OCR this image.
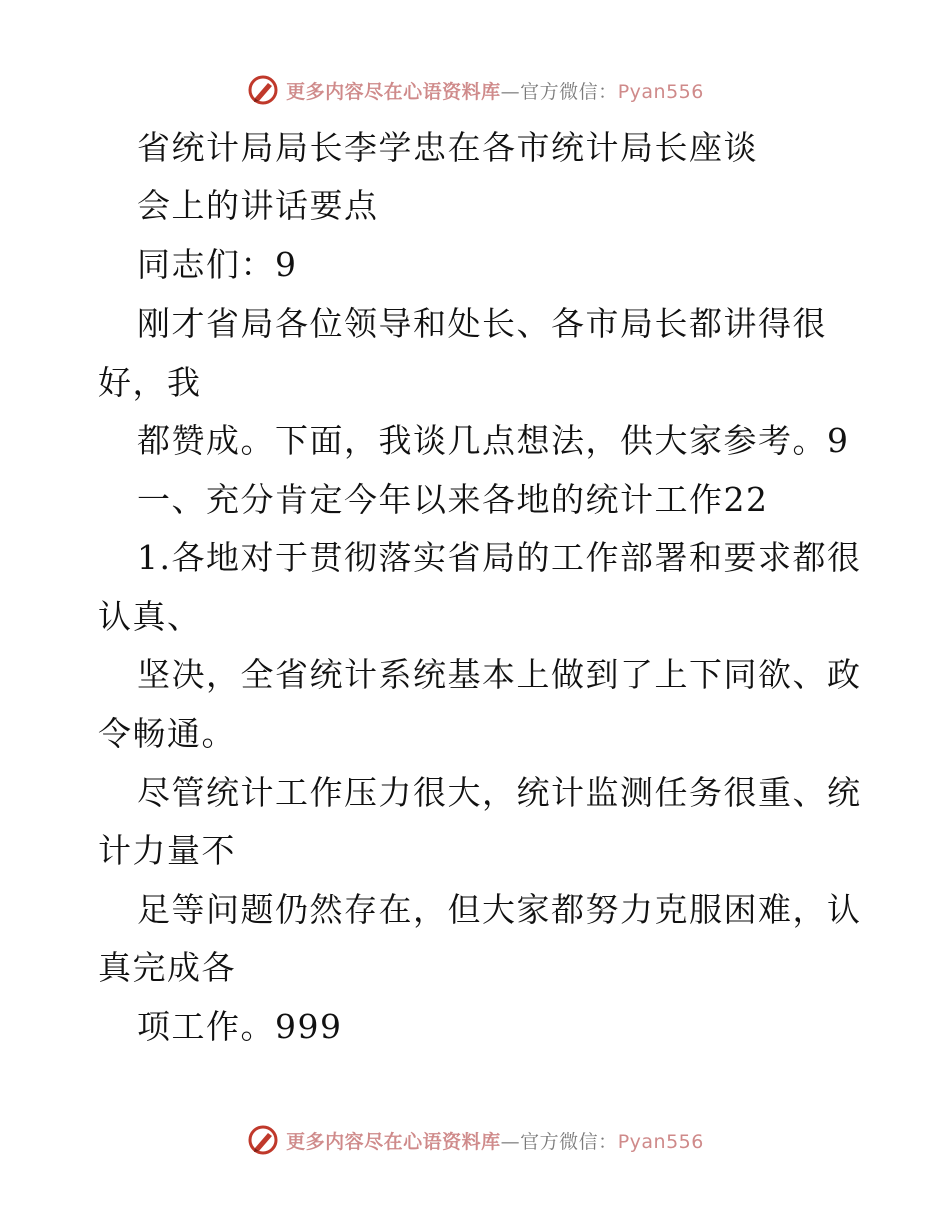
更多内容尽在心语资料库—官方微信：Pyan556
省统计局局长李学忠在各市统计局长座谈
会上的讲话要点
同志们：9
刚才省局各位领导和处长、各市局长都讲得很
好，我
都赞成。下面，我谈几点想法，供大家参考。9
一、充分肯定今年以来各地的统计工作22
1.各地对于贯彻落实省局的工作部署和要求都很
认真、
坚决，全省统计系统基本上做到了上下同欲、政
令畅通。
尽管统计工作压力很大，统计监测任务很重、统
计力量不
足等问题仍然存在，但大家都努力克服困难，认
真完成各
项工作。999
更多内容尽在心语资料库—官方微信：Pyan556
